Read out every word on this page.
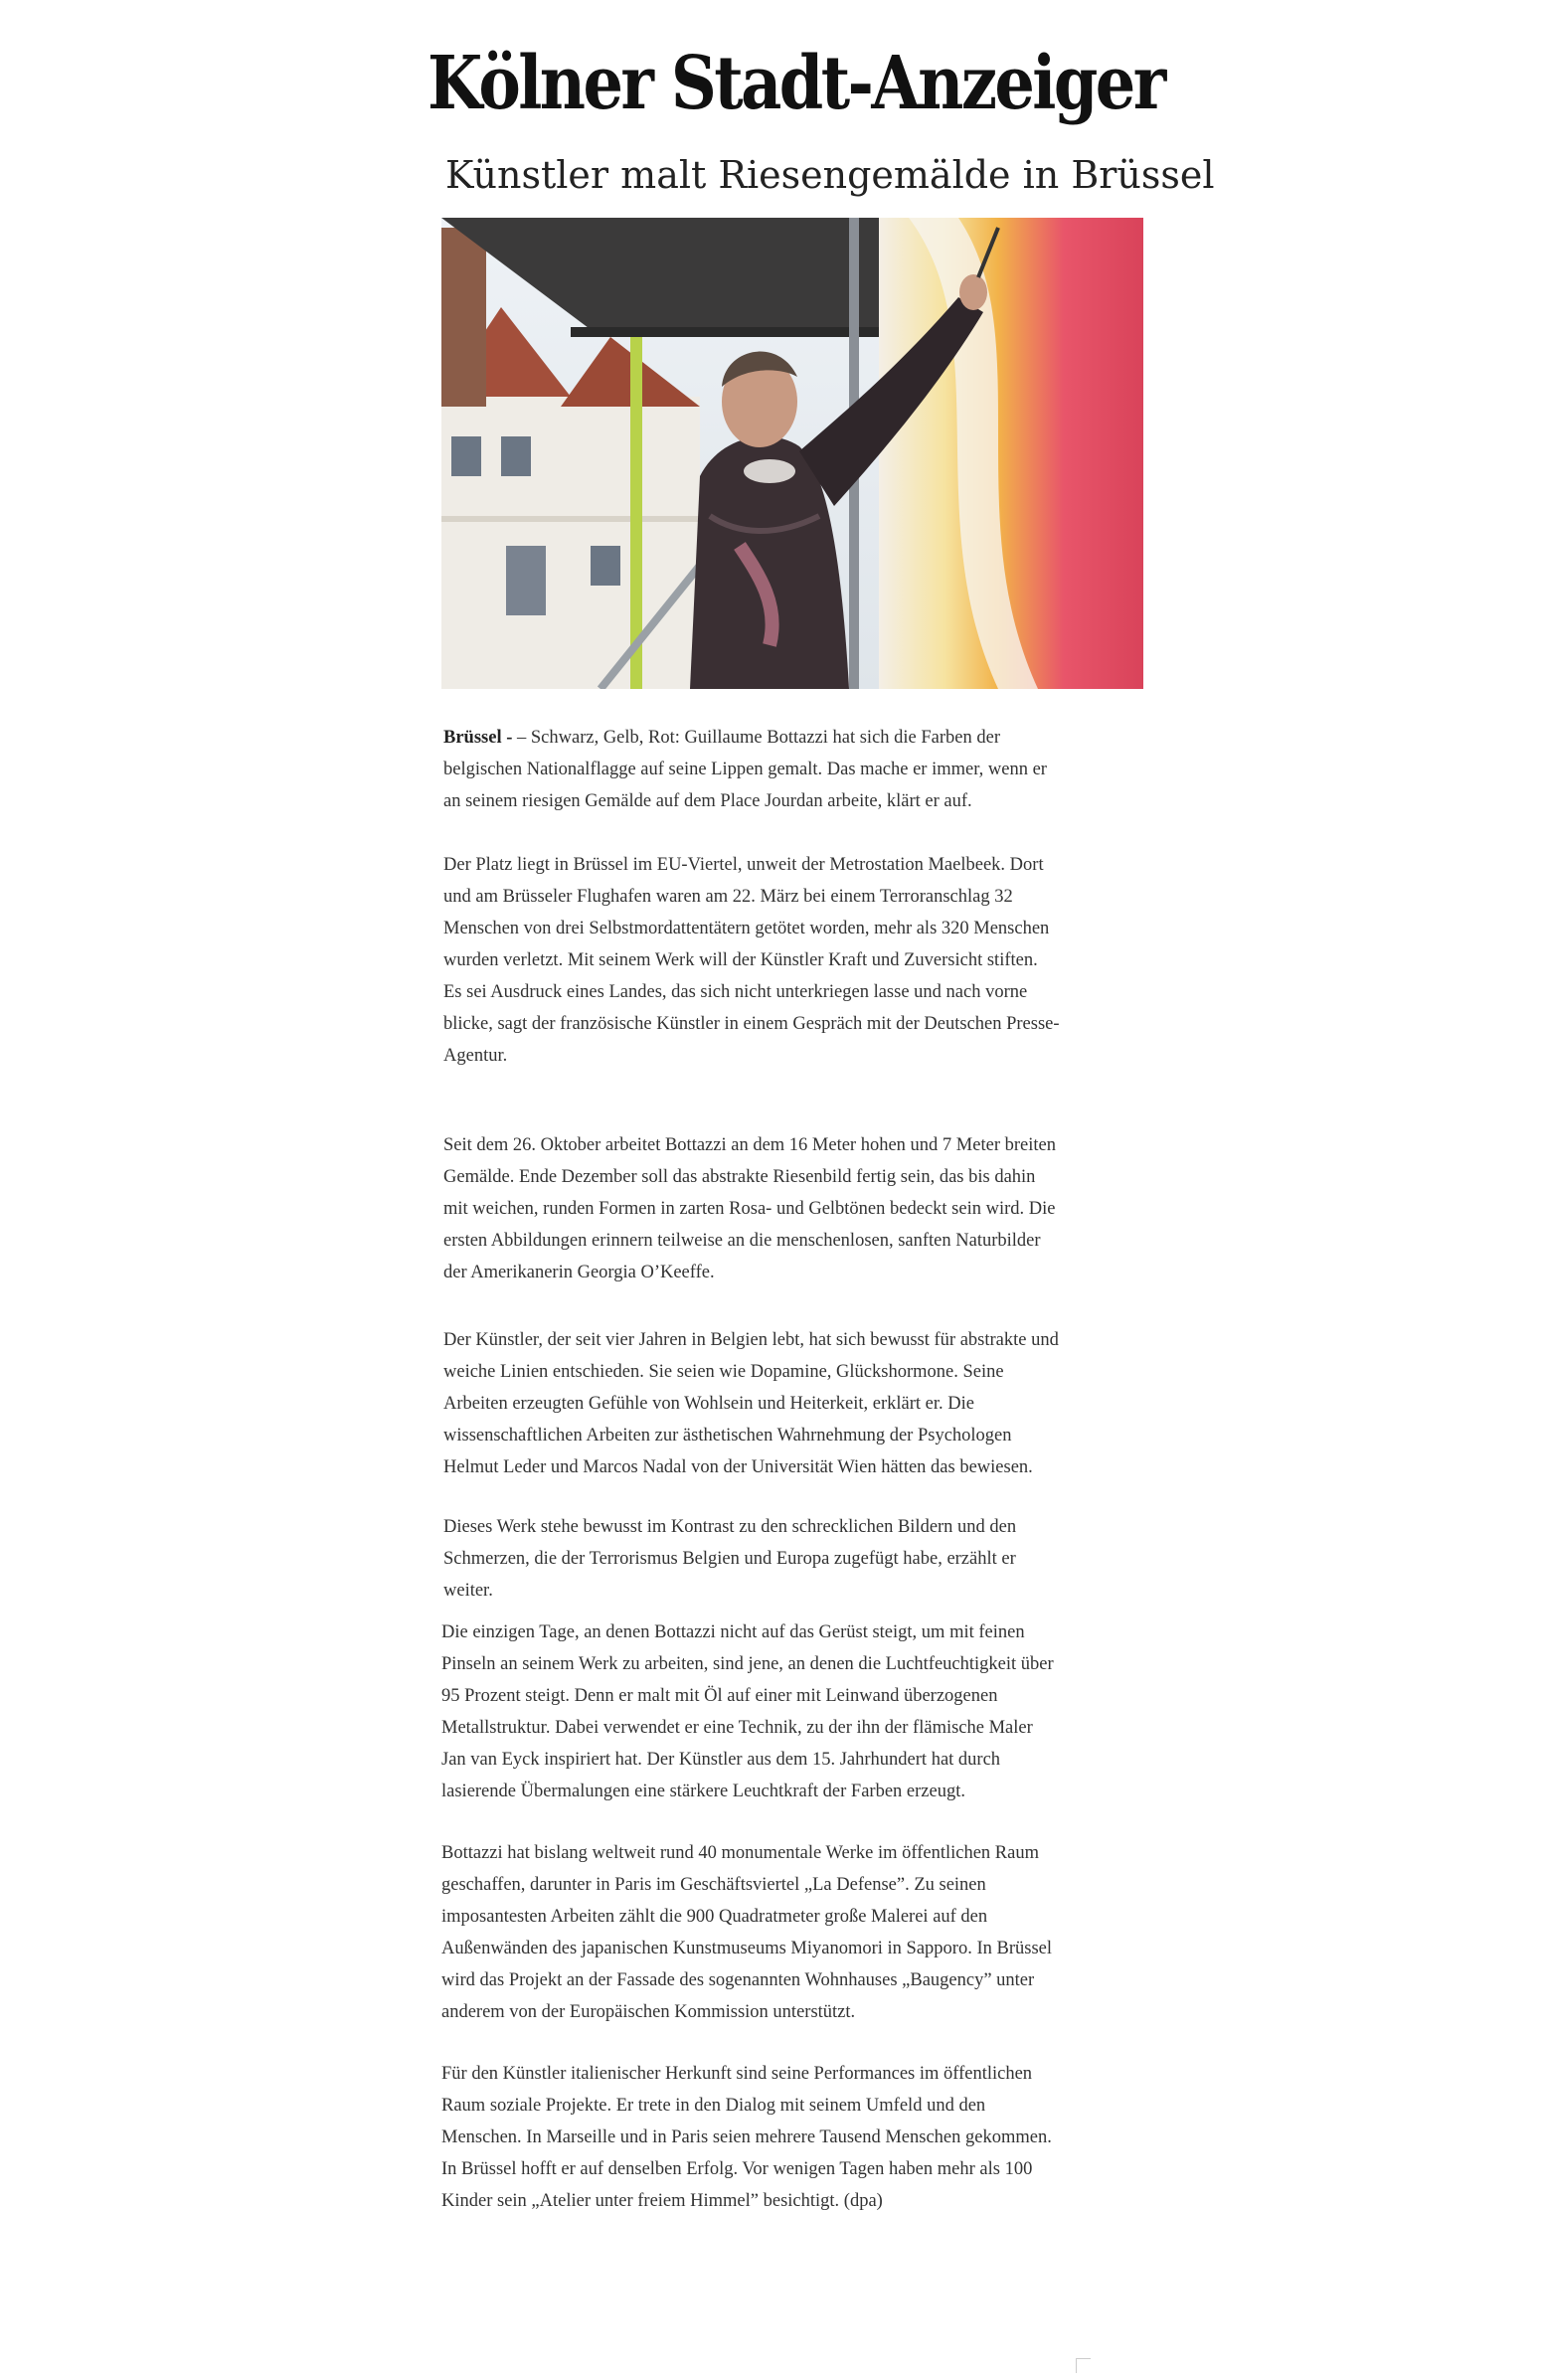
Kölner Stadt-Anzeiger
Künstler malt Riesengemälde in Brüssel

Brüssel - – Schwarz, Gelb, Rot: Guillaume Bottazzi hat sich die Farben der belgischen Nationalflagge auf seine Lippen gemalt. Das mache er immer, wenn er an seinem riesigen Gemälde auf dem Place Jourdan arbeite, klärt er auf.

Der Platz liegt in Brüssel im EU-Viertel, unweit der Metrostation Maelbeek. Dort und am Brüsseler Flughafen waren am 22. März bei einem Terroranschlag 32 Menschen von drei Selbstmordattentätern getötet worden, mehr als 320 Menschen wurden verletzt. Mit seinem Werk will der Künstler Kraft und Zuversicht stiften. Es sei Ausdruck eines Landes, das sich nicht unterkriegen lasse und nach vorne blicke, sagt der französische Künstler in einem Gespräch mit der Deutschen Presse-Agentur.

Seit dem 26. Oktober arbeitet Bottazzi an dem 16 Meter hohen und 7 Meter breiten Gemälde. Ende Dezember soll das abstrakte Riesenbild fertig sein, das bis dahin mit weichen, runden Formen in zarten Rosa- und Gelbtönen bedeckt sein wird. Die ersten Abbildungen erinnern teilweise an die menschenlosen, sanften Naturbilder der Amerikanerin Georgia O’Keeffe.

Der Künstler, der seit vier Jahren in Belgien lebt, hat sich bewusst für abstrakte und weiche Linien entschieden. Sie seien wie Dopamine, Glückshormone. Seine Arbeiten erzeugten Gefühle von Wohlsein und Heiterkeit, erklärt er. Die wissenschaftlichen Arbeiten zur ästhetischen Wahrnehmung der Psychologen Helmut Leder und Marcos Nadal von der Universität Wien hätten das bewiesen.

Dieses Werk stehe bewusst im Kontrast zu den schrecklichen Bildern und den Schmerzen, die der Terrorismus Belgien und Europa zugefügt habe, erzählt er weiter.

Die einzigen Tage, an denen Bottazzi nicht auf das Gerüst steigt, um mit feinen Pinseln an seinem Werk zu arbeiten, sind jene, an denen die Luchtfeuchtigkeit über 95 Prozent steigt. Denn er malt mit Öl auf einer mit Leinwand überzogenen Metallstruktur. Dabei verwendet er eine Technik, zu der ihn der flämische Maler Jan van Eyck inspiriert hat. Der Künstler aus dem 15. Jahrhundert hat durch lasierende Übermalungen eine stärkere Leuchtkraft der Farben erzeugt.

Bottazzi hat bislang weltweit rund 40 monumentale Werke im öffentlichen Raum geschaffen, darunter in Paris im Geschäftsviertel „La Defense”. Zu seinen imposantesten Arbeiten zählt die 900 Quadratmeter große Malerei auf den Außenwänden des japanischen Kunstmuseums Miyanomori in Sapporo. In Brüssel wird das Projekt an der Fassade des sogenannten Wohnhauses „Baugency” unter anderem von der Europäischen Kommission unterstützt.

Für den Künstler italienischer Herkunft sind seine Performances im öffentlichen Raum soziale Projekte. Er trete in den Dialog mit seinem Umfeld und den Menschen. In Marseille und in Paris seien mehrere Tausend Menschen gekommen. In Brüssel hofft er auf denselben Erfolg. Vor wenigen Tagen haben mehr als 100 Kinder sein „Atelier unter freiem Himmel” besichtigt. (dpa)
